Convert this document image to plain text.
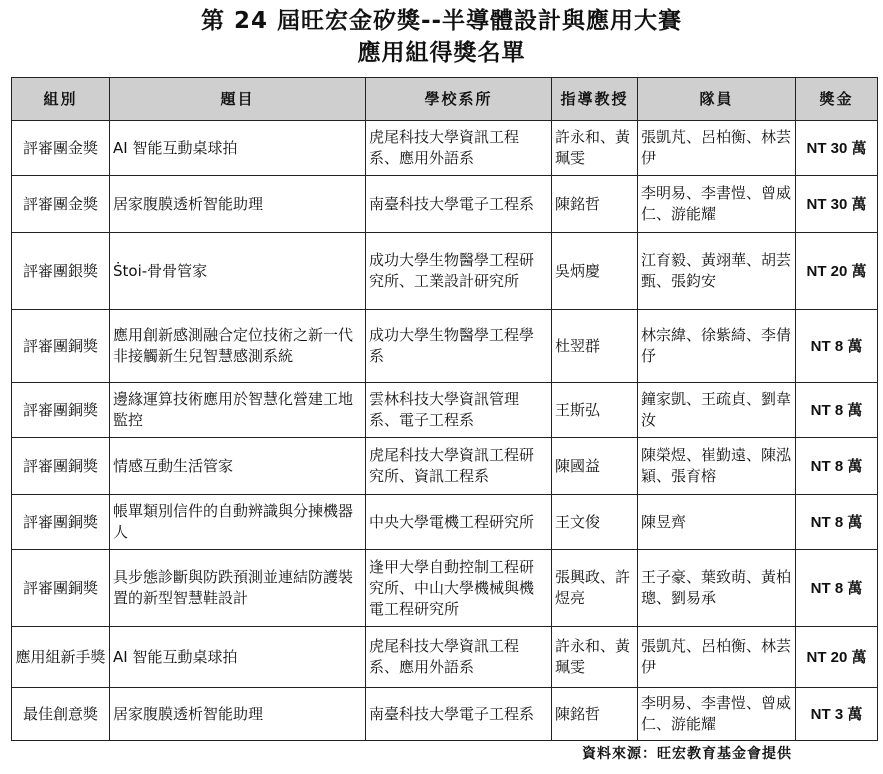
第 24 屆旺宏金矽獎--半導體設計與應用大賽
應用組得獎名單
組別	題目	學校系所	指導教授	隊員	獎金
評審團金獎	AI 智能互動桌球拍	虎尾科技大學資訊工程系、應用外語系	許永和、黃珮雯	張凱芃、呂柏衡、林芸伊	NT 30 萬
評審團金獎	居家腹膜透析智能助理	南臺科技大學電子工程系	陳銘哲	李明易、李書愷、曾威仁、游能耀	NT 30 萬
評審團銀獎	Ṡtoi-骨骨管家	成功大學生物醫學工程研究所、工業設計研究所	吳炳慶	江育毅、黃翊華、胡芸甄、張鈞安	NT 20 萬
評審團銅獎	應用創新感測融合定位技術之新一代非接觸新生兒智慧感測系統	成功大學生物醫學工程學系	杜翌群	林宗緯、徐紫綺、李倩伃	NT 8 萬
評審團銅獎	邊緣運算技術應用於智慧化營建工地監控	雲林科技大學資訊管理系、電子工程系	王斯弘	鐘家凱、王疏貞、劉韋汝	NT 8 萬
評審團銅獎	情感互動生活管家	虎尾科技大學資訊工程研究所、資訊工程系	陳國益	陳榮煜、崔勤遠、陳泓穎、張育榕	NT 8 萬
評審團銅獎	帳單類別信件的自動辨識與分揀機器人	中央大學電機工程研究所	王文俊	陳昱齊	NT 8 萬
評審團銅獎	具步態診斷與防跌預測並連結防護裝置的新型智慧鞋設計	逢甲大學自動控制工程研究所、中山大學機械與機電工程研究所	張興政、許煜亮	王子豪、葉致萌、黃柏璁、劉易承	NT 8 萬
應用組新手獎	AI 智能互動桌球拍	虎尾科技大學資訊工程系、應用外語系	許永和、黃珮雯	張凱芃、呂柏衡、林芸伊	NT 20 萬
最佳創意獎	居家腹膜透析智能助理	南臺科技大學電子工程系	陳銘哲	李明易、李書愷、曾威仁、游能耀	NT 3 萬
資料來源：旺宏教育基金會提供
